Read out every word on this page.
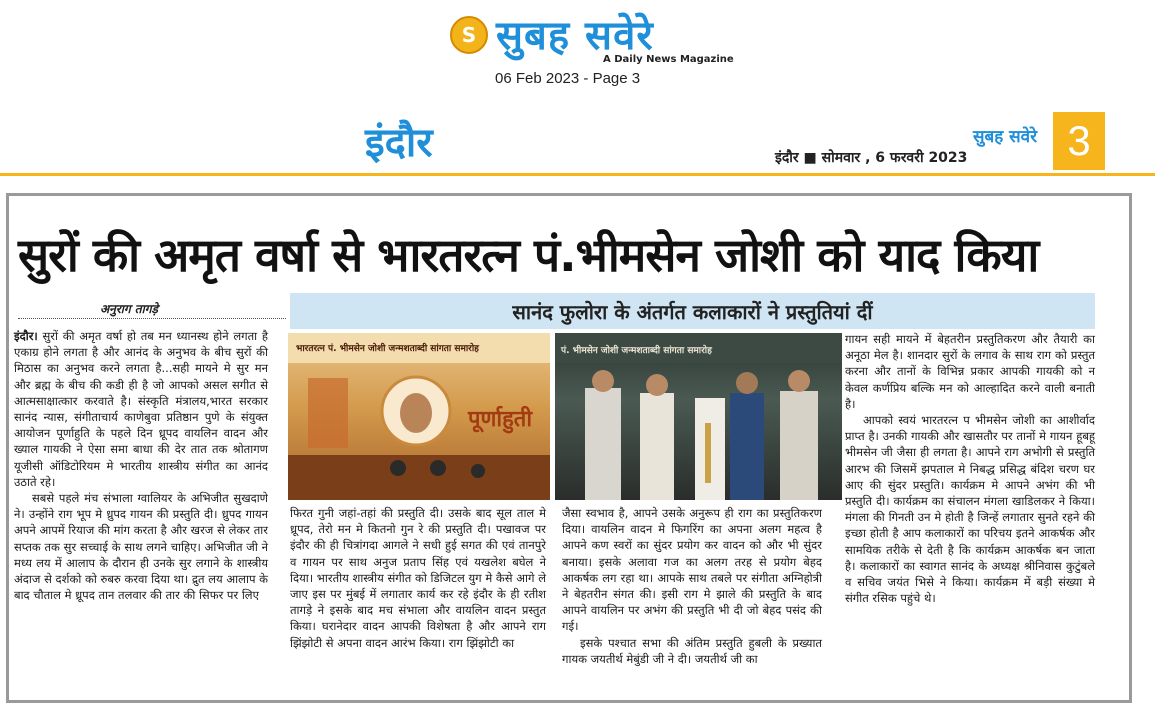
S सुबह सवेरे
A Daily News Magazine
06 Feb 2023 - Page 3
इंदौर	सुबह सवेरे 3
इंदौर ■ सोमवार , 6 फरवरी 2023
सुरों की अमृत वर्षा से भारतरत्न पं.भीमसेन जोशी को याद किया
अनुराग तागड़े	सानंद फुलोरा के अंतर्गत कलाकारों ने प्रस्तुतियां दीं
भारतरत्न पं. भीमसेन जोशी जन्मशताब्दी सांगता समारोह
पूर्णाहुती
पं. भीमसेन जोशी जन्मशताब्दी सांगता समारोह

इंदौर। सुरों की अमृत वर्षा हो तब मन ध्यानस्थ होने लगता है एकाग्र होने लगता है और आनंद के अनुभव के बीच सुरों की मिठास का अनुभव करने लगता है...सही मायने मे सुर मन और ब्रह्म के बीच की कडी ही है जो आपको असल सगीत से आत्मसाक्षात्कार करवाते है। संस्कृति मंत्रालय,भारत सरकार सानंद न्यास, संगीताचार्य काणेबुवा प्रतिष्ठान पुणे के संयुक्त आयोजन पूर्णाहुति के पहले दिन ध्रूपद वायलिन वादन और ख्याल गायकी ने ऐसा समा बाधा की देर तात तक श्रोतागण यूजीसी ऑडिटोरियम मे भारतीय शास्त्रीय संगीत का आनंद उठाते रहे।

सबसे पहले मंच संभाला ग्वालियर के अभिजीत सुखदाणे ने। उन्होंने राग भूप मे ध्रुपद गायन की प्रस्तुति दी। ध्रुपद गायन अपने आपमें रियाज की मांग करता है और खरज से लेकर तार सप्तक तक सुर सच्चाई के साथ लगने चाहिए। अभिजीत जी ने मध्य लय में आलाप के दौरान ही उनके सुर लगाने के शास्त्रीय अंदाज से दर्शको को रुबरु करवा दिया था। द्रुत लय आलाप के बाद चौताल मे ध्रूपद तान तलवार की तार की सिफर पर लिए

फिरत गुनी जहां-तहां की प्रस्तुति दी। उसके बाद सूल ताल मे ध्रूपद, तेरो मन मे कितनो गुन रे की प्रस्तुति दी। पखावज पर इंदौर की ही चित्रांगदा आगले ने सधी हुई सगत की एवं तानपुरे व गायन पर साथ अनुज प्रताप सिंह एवं यखलेश बघेल ने दिया। भारतीय शास्त्रीय संगीत को डिजिटल युग मे कैसे आगे ले जाए इस पर मुंबई में लगातार कार्य कर रहे इंदौर के ही रतीश तागड़े ने इसके बाद मच संभाला और वायलिन वादन प्रस्तुत किया। घरानेदार वादन आपकी विशेषता है और आपने राग झिंझोटी से अपना वादन आरंभ किया। राग झिंझोटी का

जैसा स्वभाव है, आपने उसके अनुरूप ही राग का प्रस्तुतिकरण दिया। वायलिन वादन मे फिगरिंग का अपना अलग महत्व है आपने कण स्वरों का सुंदर प्रयोग कर वादन को और भी सुंदर बनाया। इसके अलावा गज का अलग तरह से प्रयोग बेहद आकर्षक लग रहा था। आपके साथ तबले पर संगीता अग्निहोत्री ने बेहतरीन संगत की। इसी राग मे झाले की प्रस्तुति के बाद आपने वायलिन पर अभंग की प्रस्तुति भी दी जो बेहद पसंद की गई।

इसके पश्चात सभा की अंतिम प्रस्तुति हुबली के प्रख्यात गायक जयतीर्थ मेबुंडी जी ने दी। जयतीर्थ जी का

गायन सही मायने में बेहतरीन प्रस्तुतिकरण और तैयारी का अनूठा मेल है। शानदार सुरों के लगाव के साथ राग को प्रस्तुत करना और तानों के विभिन्न प्रकार आपकी गायकी को न केवल कर्णप्रिय बल्कि मन को आल्हादित करने वाली बनाती है।

आपको स्वयं भारतरत्न प भीमसेन जोशी का आशीर्वाद प्राप्त है। उनकी गायकी और खासतौर पर तानों मे गायन हूबहू भीमसेन जी जैसा ही लगता है। आपने राग अभोगी से प्रस्तुति आरभ की जिसमें झपताल मे निबद्ध प्रसिद्ध बंदिश चरण घर आए की सुंदर प्रस्तुति। कार्यक्रम मे आपने अभंग की भी प्रस्तुति दी। कार्यक्रम का संचालन मंगला खाडिलकर ने किया। मंगला की गिनती उन मे होती है जिन्हें लगातार सुनते रहने की इच्छा होती है आप कलाकारों का परिचय इतने आकर्षक और सामयिक तरीके से देती है कि कार्यक्रम आकर्षक बन जाता है। कलाकारों का स्वागत सानंद के अध्यक्ष श्रीनिवास कुटुंबले व सचिव जयंत भिसे ने किया। कार्यक्रम में बड़ी संख्या मे संगीत रसिक पहुंचे थे।
